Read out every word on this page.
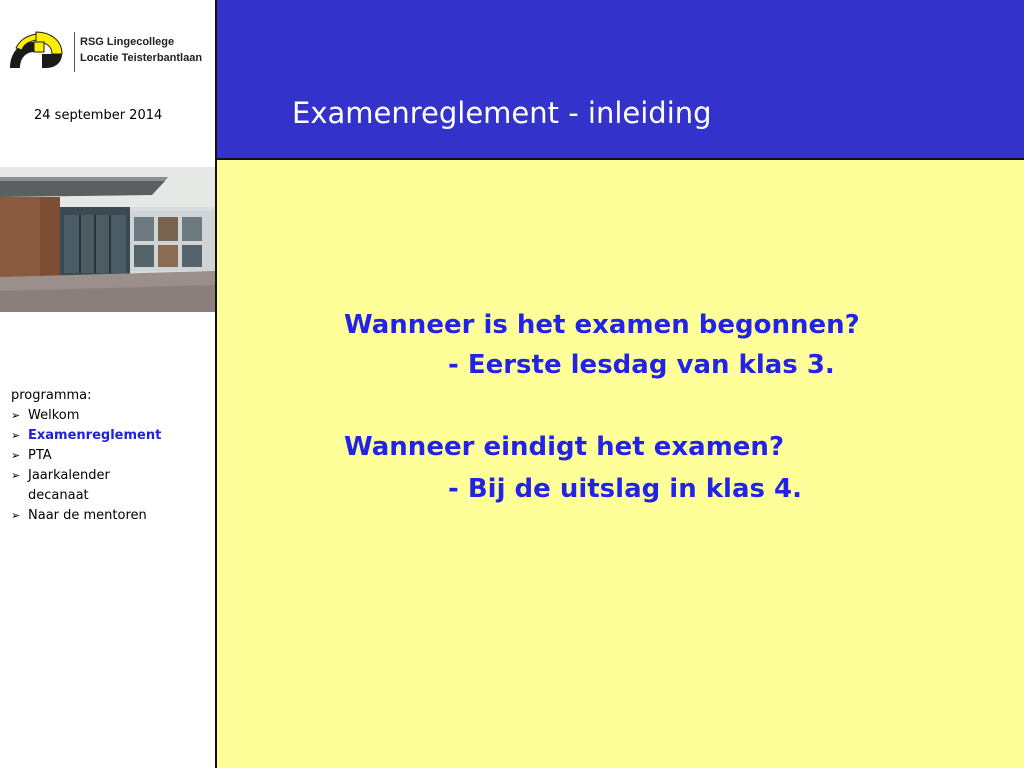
RSG Lingecollege
Locatie Teisterbantlaan
24 september 2014
programma:
➢ Welkom
➢ Examenreglement
➢ PTA
➢ Jaarkalender decanaat
➢ Naar de mentoren
Examenreglement - inleiding
Wanneer is het examen begonnen?
- Eerste lesdag van klas 3.
Wanneer eindigt het examen?
- Bij de uitslag in klas 4.
